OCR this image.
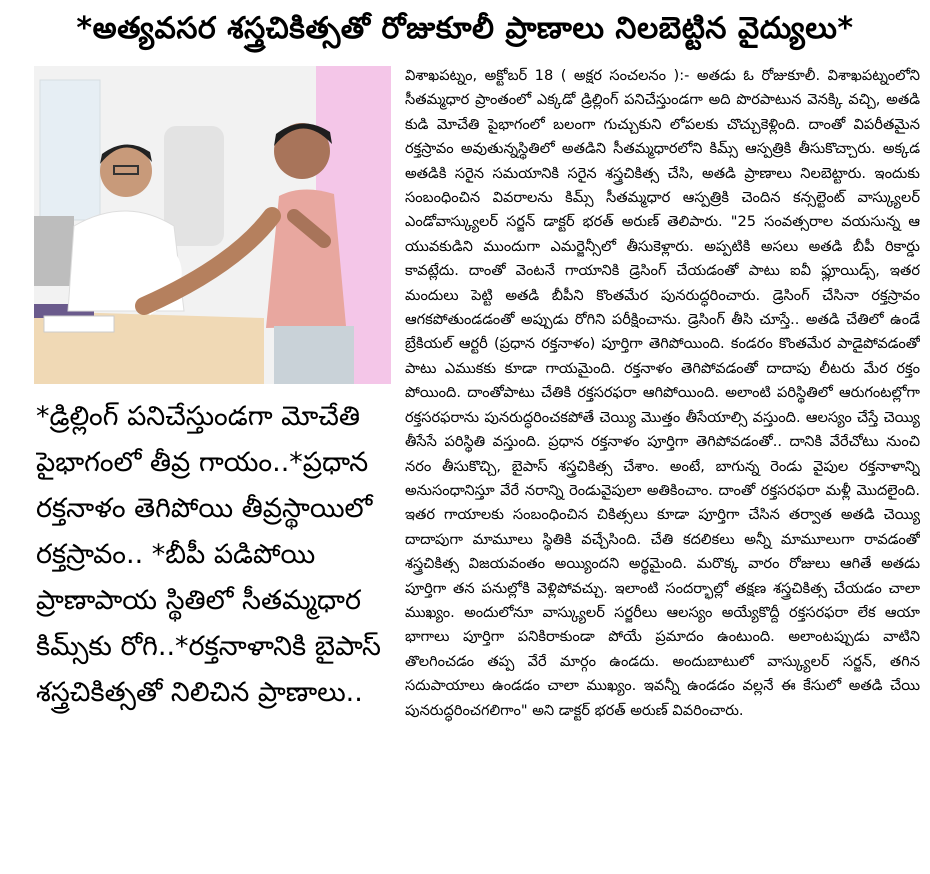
*అత్యవసర శస్త్రచికిత్సతో రోజుకూలీ ప్రాణాలు నిలబెట్టిన వైద్యులు*
*డ్రిల్లింగ్ పనిచేస్తుండగా మోచేతి పైభాగంలో తీవ్ర గాయం..*ప్రధాన రక్తనాళం తెగిపోయి తీవ్రస్థాయిలో రక్తస్రావం.. *బీపీ పడిపోయి ప్రాణాపాయ స్థితిలో సీతమ్మధార కిమ్స్‌కు రోగి..*రక్తనాళానికి బైపాస్ శస్త్రచికిత్సతో నిలిచిన ప్రాణాలు..
విశాఖపట్నం, అక్టోబర్ 18 ( అక్షర సంచలనం ):- అతడు ఓ రోజుకూలీ. విశాఖపట్నంలోని సీతమ్మధార ప్రాంతంలో ఎక్కడో డ్రిల్లింగ్ పనిచేస్తుండగా అది పొరపాటున వెనక్కి వచ్చి, అతడి కుడి మోచేతి పైభాగంలో బలంగా గుచ్చుకుని లోపలకు చొచ్చుకెళ్లింది. దాంతో విపరీతమైన రక్తస్రావం అవుతున్నస్థితిలో అతడిని సీతమ్మధారలోని కిమ్స్ ఆస్పత్రికి తీసుకొచ్చారు. అక్కడ అతడికి సరైన సమయానికి సరైన శస్త్రచికిత్స చేసి, అతడి ప్రాణాలు నిలబెట్టారు. ఇందుకు సంబంధించిన వివరాలను కిమ్స్ సీతమ్మధార ఆస్పత్రికి చెందిన కన్సల్టెంట్ వాస్క్యులర్ ఎండోవాస్క్యులర్ సర్జన్ డాక్టర్ భరత్ అరుణ్ తెలిపారు. "25 సంవత్సరాల వయసున్న ఆ యువకుడిని ముందుగా ఎమర్జెన్సీలో తీసుకెళ్లారు. అప్పటికి అసలు అతడి బీపీ రికార్డు కావట్లేదు. దాంతో వెంటనే గాయానికి డ్రెసింగ్ చేయడంతో పాటు ఐవీ ఫ్లూయిడ్స్, ఇతర మందులు పెట్టి అతడి బీపీని కొంతమేర పునరుద్ధరించారు. డ్రెసింగ్ చేసినా రక్తస్రావం ఆగకపోతుండడంతో అప్పుడు రోగిని పరీక్షించాను. డ్రెసింగ్ తీసి చూస్తే.. అతడి చేతిలో ఉండే బ్రేకియల్ ఆర్టరీ (ప్రధాన రక్తనాళం) పూర్తిగా తెగిపోయింది. కండరం కొంతమేర పాడైపోవడంతో పాటు ఎముకకు కూడా గాయమైంది. రక్తనాళం తెగిపోవడంతో దాదాపు లీటరు మేర రక్తం పోయింది. దాంతోపాటు చేతికి రక్తసరఫరా ఆగిపోయింది. అలాంటి పరిస్థితిలో ఆరుగంటల్లోగా రక్తసరఫరాను పునరుద్ధరించకపోతే చెయ్యి మొత్తం తీసేయాల్సి వస్తుంది. ఆలస్యం చేస్తే చెయ్యి తీసేసే పరిస్థితి వస్తుంది. ప్రధాన రక్తనాళం పూర్తిగా తెగిపోవడంతో.. దానికి వేరేచోటు నుంచి నరం తీసుకొచ్చి, బైపాస్ శస్త్రచికిత్స చేశాం. అంటే, బాగున్న రెండు వైపుల రక్తనాళాన్ని అనుసంధానిస్తూ వేరే నరాన్ని రెండువైపులా అతికించాం. దాంతో రక్తసరఫరా మళ్లీ మొదలైంది. ఇతర గాయాలకు సంబంధించిన చికిత్సలు కూడా పూర్తిగా చేసిన తర్వాత అతడి చెయ్యి దాదాపుగా మామూలు స్థితికి వచ్చేసింది. చేతి కదలికలు అన్నీ మామూలుగా రావడంతో శస్త్రచికిత్స విజయవంతం అయ్యిందని అర్థమైంది. మరొక్క వారం రోజులు ఆగితే అతడు పూర్తిగా తన పనుల్లోకి వెళ్లిపోవచ్చు. ఇలాంటి సందర్భాల్లో తక్షణ శస్త్రచికిత్స చేయడం చాలా ముఖ్యం. అందులోనూ వాస్క్యులర్ సర్జరీలు ఆలస్యం అయ్యేకొద్దీ రక్తసరఫరా లేక ఆయా భాగాలు పూర్తిగా పనికిరాకుండా పోయే ప్రమాదం ఉంటుంది. అలాంటప్పుడు వాటిని తొలగించడం తప్ప వేరే మార్గం ఉండదు. అందుబాటులో వాస్క్యులర్ సర్జన్, తగిన సదుపాయాలు ఉండడం చాలా ముఖ్యం. ఇవన్నీ ఉండడం వల్లనే ఈ కేసులో అతడి చేయి పునరుద్ధరించగలిగాం" అని డాక్టర్ భరత్ అరుణ్ వివరించారు.
